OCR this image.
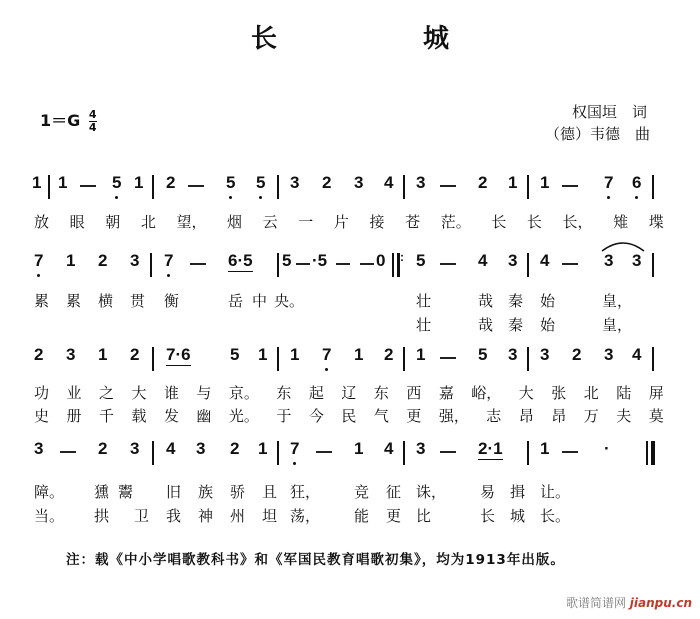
长　城
$1=G \frac{4}{4}$	权国垣　词
（德）韦德　曲
1 1	5 1 2	5 5 3 2 3 4 3	2 1 1	7 6
放 眼 朝 北 望， 烟 云 一 片 接 苍 茫。 长 长 长， 雉 堞
7 1 2 3 7	6·5 5 ·5	0 : 5	4 3 4	3 3
累 累 横 贯 衡	岳 中 央。	壮	哉 秦 始	皇，
壮	哉 秦 始	皇，
2 3 1 2 7·6 5 1 1 7 1 2 1	5 3 3 2 3 4
功 业 之 大 谁 与 京。 东 起 辽 东 西 嘉 峪， 大 张 北 陆 屏
史 册 千 载 发 幽 光。 于 今 民 气 更 强， 志 昂 昂 万 夫 莫
3	2 3 4 3 2 1 7	1 4 3	2·1 1	·
障。 獯 鬻 旧 族 骄 且 狂， 竞 征 诛， 易 揖 让。
当。 拱 卫 我 神 州 坦 荡， 能 更 比	长 城 长。
注：载《中小学唱歌教科书》和《军国民教育唱歌初集》，均为1913年出版。
歌谱简谱网 jianpu.cn
